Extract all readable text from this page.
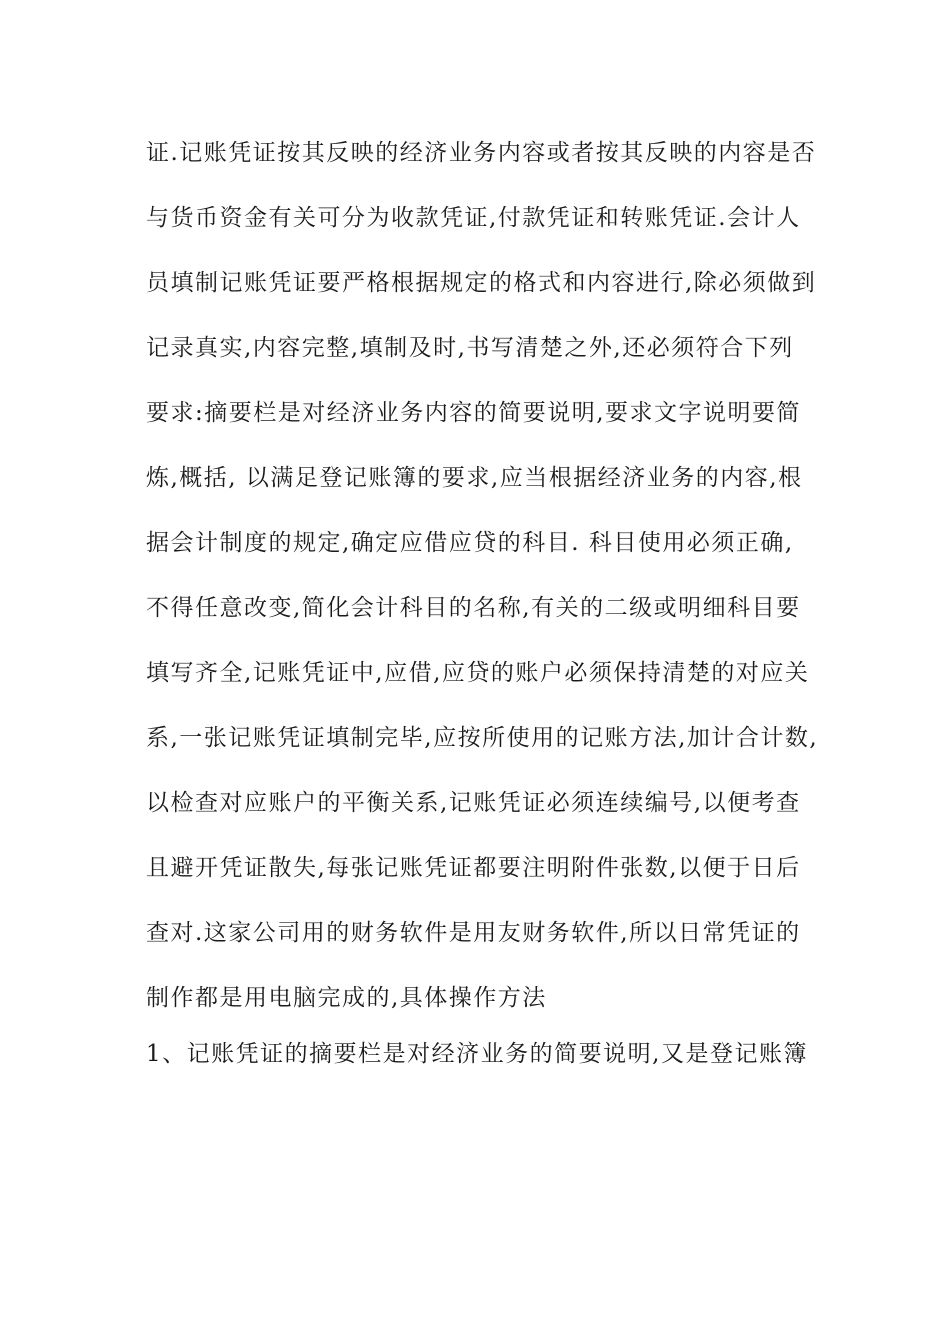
证.记账凭证按其反映的经济业务内容或者按其反映的内容是否
与货币资金有关可分为收款凭证,付款凭证和转账凭证.会计人
员填制记账凭证要严格根据规定的格式和内容进行,除必须做到
记录真实,内容完整,填制及时,书写清楚之外,还必须符合下列
要求:摘要栏是对经济业务内容的简要说明,要求文字说明要简
炼,概括, 以满足登记账簿的要求,应当根据经济业务的内容,根
据会计制度的规定,确定应借应贷的科目. 科目使用必须正确,
不得任意改变,简化会计科目的名称,有关的二级或明细科目要
填写齐全,记账凭证中,应借,应贷的账户必须保持清楚的对应关
系,一张记账凭证填制完毕,应按所使用的记账方法,加计合计数,
以检查对应账户的平衡关系,记账凭证必须连续编号,以便考查
且避开凭证散失,每张记账凭证都要注明附件张数,以便于日后
查对.这家公司用的财务软件是用友财务软件,所以日常凭证的
制作都是用电脑完成的,具体操作方法
1、记账凭证的摘要栏是对经济业务的简要说明,又是登记账簿
